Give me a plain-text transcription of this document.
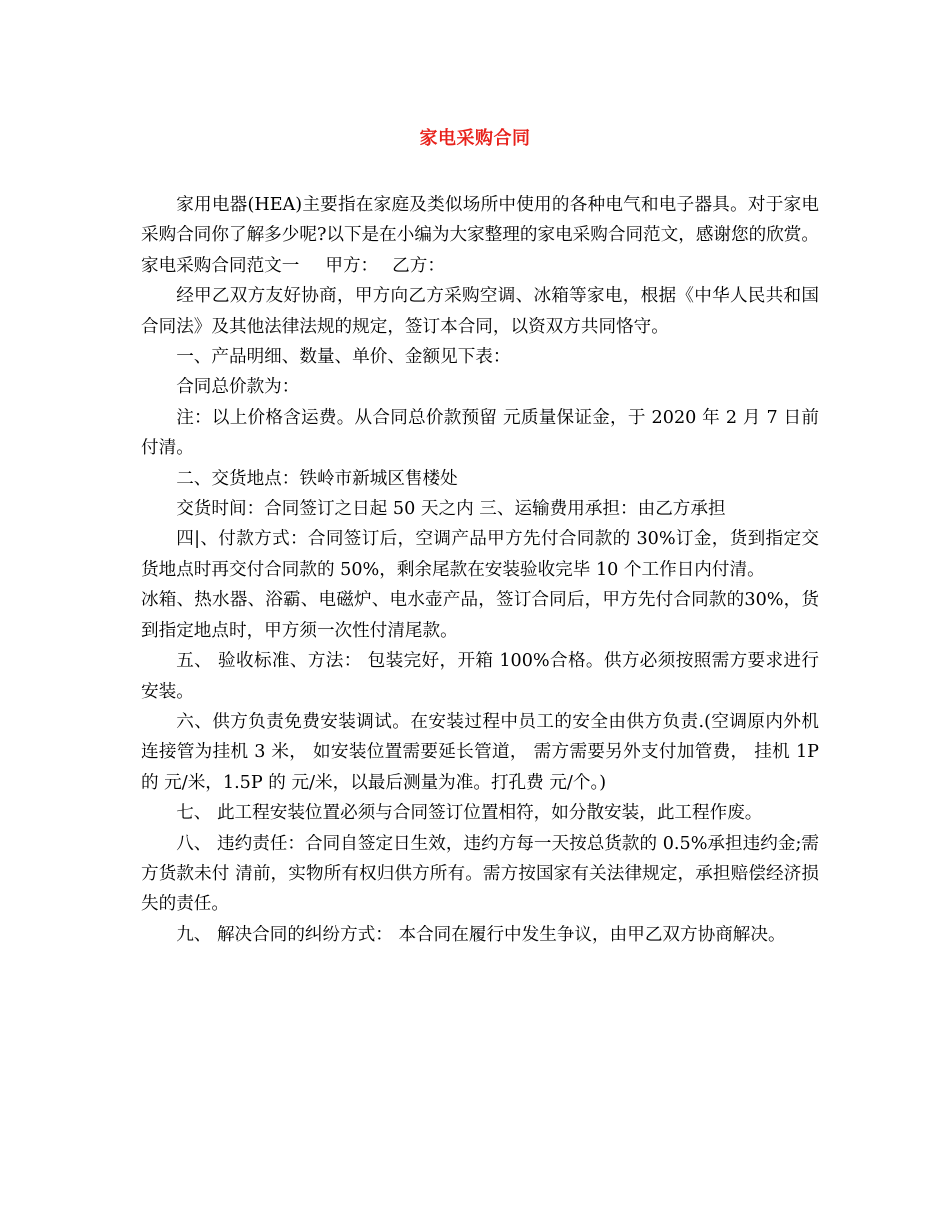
家电采购合同

家用电器(HEA)主要指在家庭及类似场所中使用的各种电气和电子器具。对于家电采购合同你了解多少呢?以下是在小编为大家整理的家电采购合同范文，感谢您的欣赏。

家电采购合同范文一 甲方： 乙方：

经甲乙双方友好协商，甲方向乙方采购空调、冰箱等家电，根据《中华人民共和国合同法》及其他法律法规的规定，签订本合同，以资双方共同恪守。

一、产品明细、数量、单价、金额见下表：

合同总价款为：

注：以上价格含运费。从合同总价款预留 元质量保证金，于 2020 年 2 月 7 日前付清。

二、交货地点：铁岭市新城区售楼处

交货时间：合同签订之日起 50 天之内 三、运输费用承担：由乙方承担

四|、付款方式：合同签订后，空调产品甲方先付合同款的 30%订金，货到指定交货地点时再交付合同款的 50%，剩余尾款在安装验收完毕 10 个工作日内付清。

冰箱、热水器、浴霸、电磁炉、电水壶产品，签订合同后，甲方先付合同款的30%，货到指定地点时，甲方须一次性付清尾款。

五、 验收标准、方法： 包装完好，开箱 100%合格。供方必须按照需方要求进行安装。

六、供方负责免费安装调试。在安装过程中员工的安全由供方负责.(空调原内外机连接管为挂机 3 米， 如安装位置需要延长管道， 需方需要另外支付加管费， 挂机 1P 的 元/米，1.5P 的 元/米，以最后测量为准。打孔费 元/个。)

七、 此工程安装位置必须与合同签订位置相符，如分散安装，此工程作废。

八、 违约责任：合同自签定日生效，违约方每一天按总货款的 0.5%承担违约金;需方货款未付 清前，实物所有权归供方所有。需方按国家有关法律规定，承担赔偿经济损失的责任。

九、 解决合同的纠纷方式： 本合同在履行中发生争议，由甲乙双方协商解决。
